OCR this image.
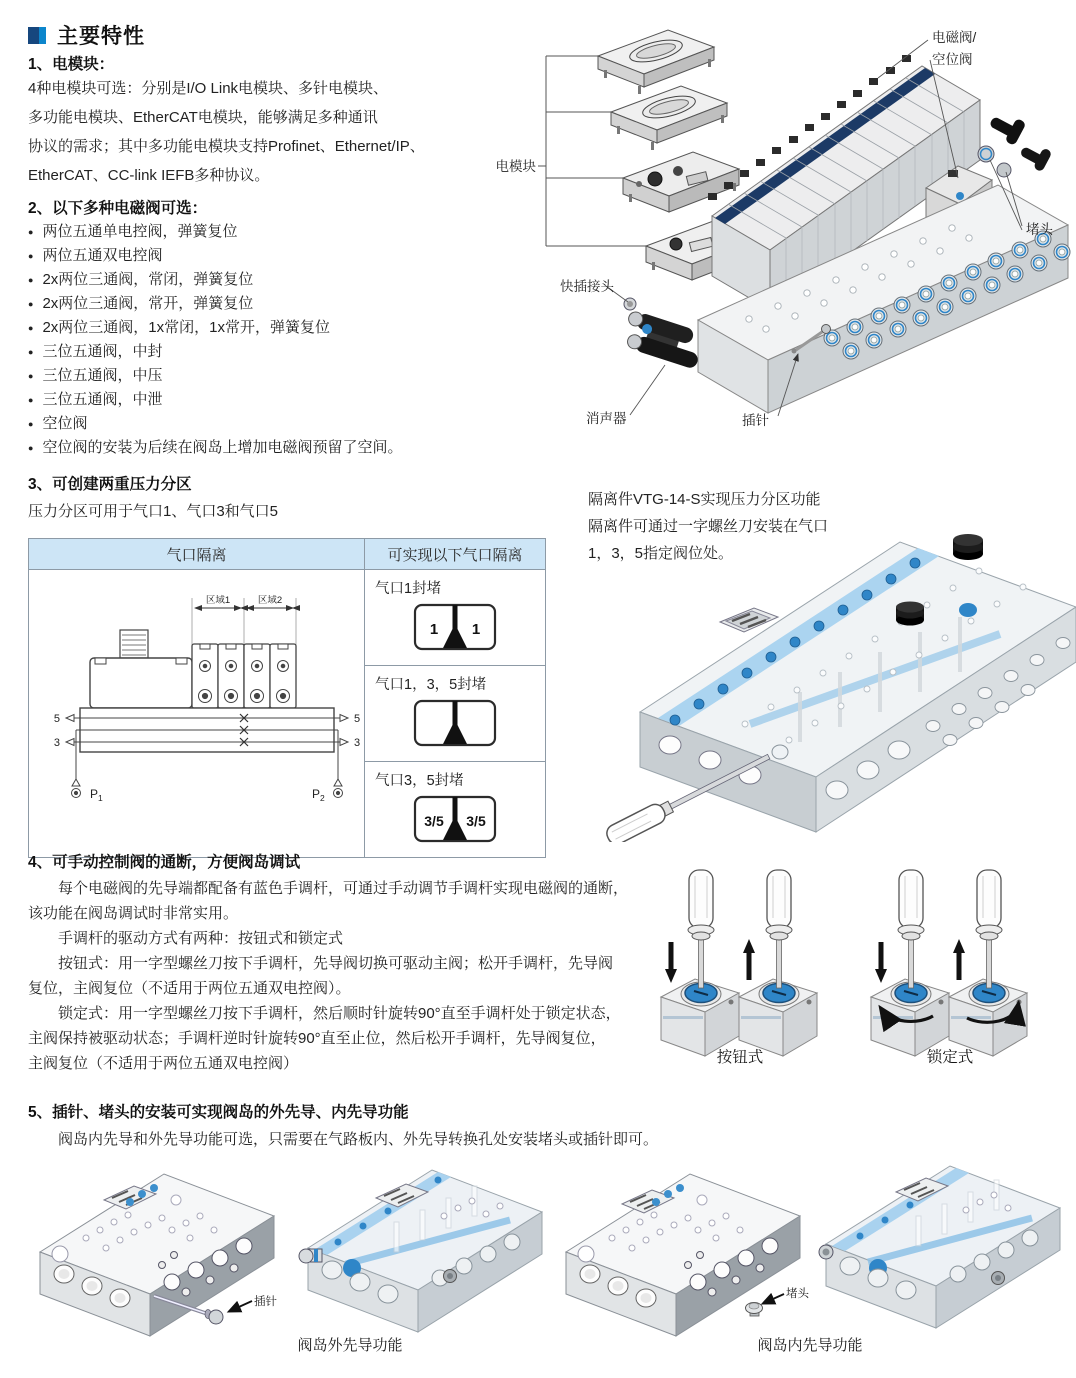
主要特性
1、电模块：
4种电模块可选：分别是I/O Link电模块、多针电模块、
多功能电模块、EtherCAT电模块，能够满足多种通讯
协议的需求；其中多功能电模块支持Profinet、Ethernet/IP、
EtherCAT、CC-link IEFB多种协议。
2、以下多种电磁阀可选：
● 两位五通单电控阀，弹簧复位
● 两位五通双电控阀
● 2x两位三通阀，常闭，弹簧复位
● 2x两位三通阀，常开，弹簧复位
● 2x两位三通阀，1x常闭，1x常开，弹簧复位
● 三位五通阀，中封
● 三位五通阀，中压
● 三位五通阀，中泄
● 空位阀
● 空位阀的安装为后续在阀岛上增加电磁阀预留了空间。
电模块
电磁阀/
空位阀
堵头
快插接头
消声器	插针
3、可创建两重压力分区
压力分区可用于气口1、气口3和气口5
气口隔离	可实现以下气口隔离

区域1	区域2
5	5
3	3
$P_1$	$P_2$

气口1封堵
1 1

	气口1，3，5封堵

	气口3，5封堵
3/5 3/5
隔离件VTG-14-S实现压力分区功能
隔离件可通过一字螺丝刀安装在气口
1，3，5指定阀位处。
4、可手动控制阀的通断，方便阀岛调试
每个电磁阀的先导端都配备有蓝色手调杆，可通过手动调节手调杆实现电磁阀的通断，
该功能在阀岛调试时非常实用。
手调杆的驱动方式有两种：按钮式和锁定式
按钮式：用一字型螺丝刀按下手调杆，先导阀切换可驱动主阀；松开手调杆，先导阀
复位，主阀复位（不适用于两位五通双电控阀）。
锁定式：用一字型螺丝刀按下手调杆，然后顺时针旋转90°直至手调杆处于锁定状态，
主阀保持被驱动状态；手调杆逆时针旋转90°直至止位，然后松开手调杆，先导阀复位，
主阀复位（不适用于两位五通双电控阀）	按钮式	锁定式
5、插针、堵头的安装可实现阀岛的外先导、内先导功能
阀岛内先导和外先导功能可选，只需要在气路板内、外先导转换孔处安装堵头或插针即可。
插针
堵头
阀岛外先导功能	阀岛内先导功能
